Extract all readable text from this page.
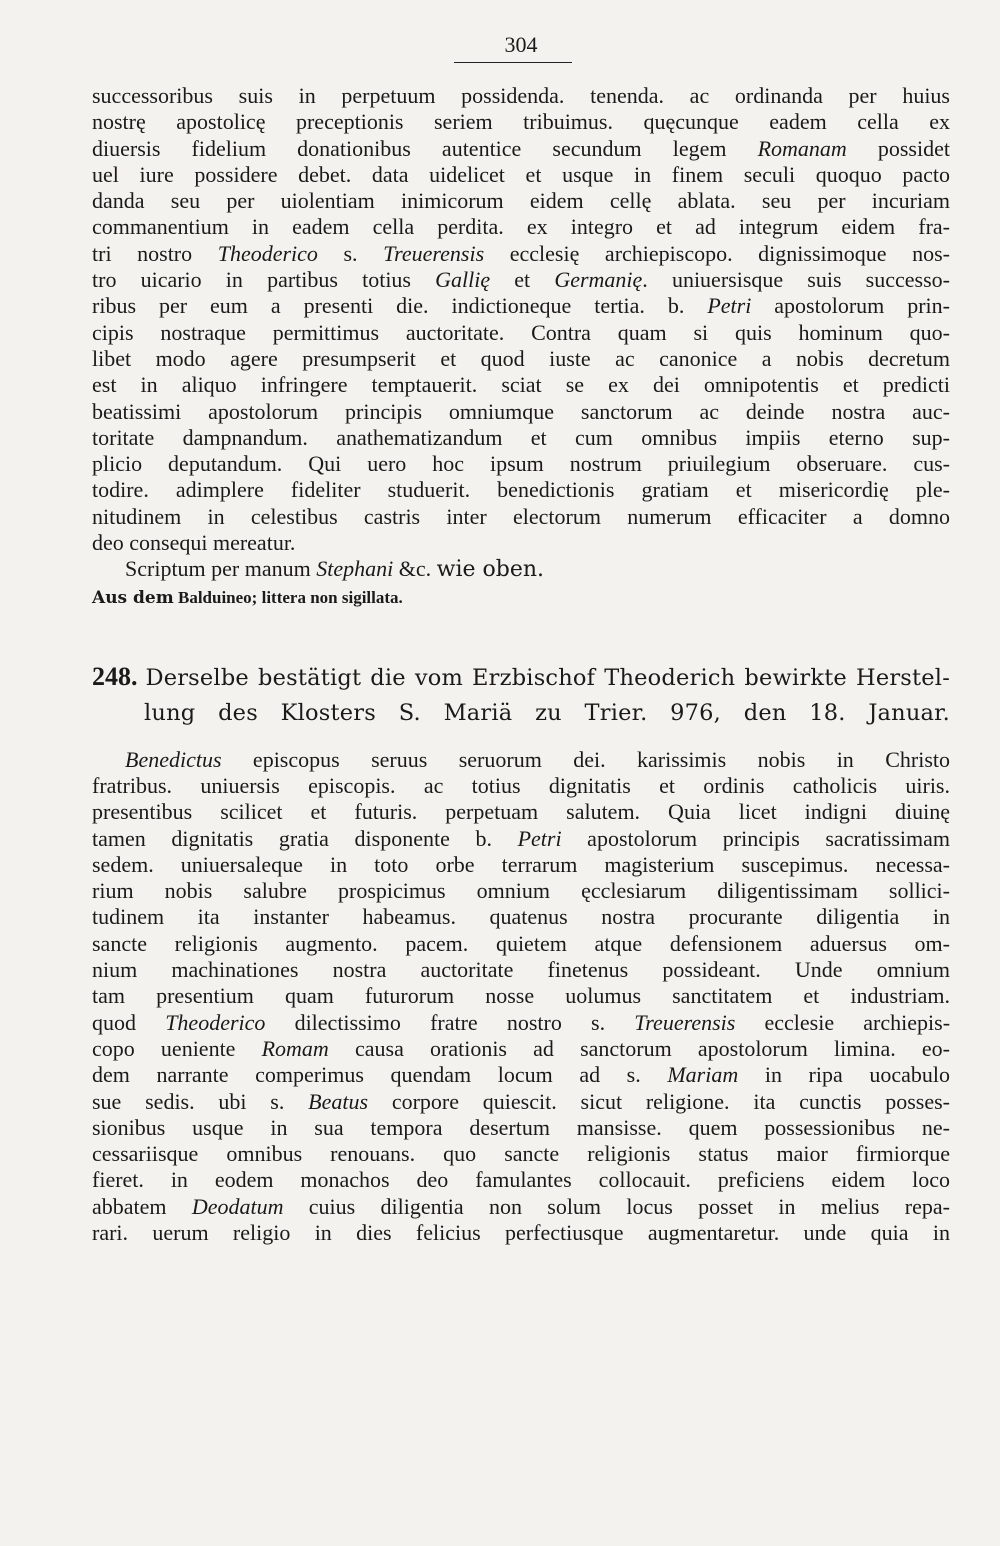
304
successoribus suis in perpetuum possidenda. tenenda. ac ordinanda per huius
nostrę apostolicę preceptionis seriem tribuimus. quęcunque eadem cella ex
diuersis fidelium donationibus autentice secundum legem Romanam possidet
uel iure possidere debet. data uidelicet et usque in finem seculi quoquo pacto
danda seu per uiolentiam inimicorum eidem cellę ablata. seu per incuriam
commanentium in eadem cella perdita. ex integro et ad integrum eidem fra-
tri nostro Theoderico s. Treuerensis ecclesię archiepiscopo. dignissimoque nos-
tro uicario in partibus totius Gallię et Germanię. uniuersisque suis successo-
ribus per eum a presenti die. indictioneque tertia. b. Petri apostolorum prin-
cipis nostraque permittimus auctoritate. Contra quam si quis hominum quo-
libet modo agere presumpserit et quod iuste ac canonice a nobis decretum
est in aliquo infringere temptauerit. sciat se ex dei omnipotentis et predicti
beatissimi apostolorum principis omniumque sanctorum ac deinde nostra auc-
toritate dampnandum. anathematizandum et cum omnibus impiis eterno sup-
plicio deputandum. Qui uero hoc ipsum nostrum priuilegium obseruare. cus-
todire. adimplere fideliter studuerit. benedictionis gratiam et misericordię ple-
nitudinem in celestibus castris inter electorum numerum efficaciter a domno
deo consequi mereatur.
Scriptum per manum Stephani &c. wie oben.
Aus dem Balduineo; littera non sigillata.
248. Derselbe bestätigt die vom Erzbischof Theoderich bewirkte Herstel-
lung des Klosters S. Mariä zu Trier. 976, den 18. Januar.
Benedictus episcopus seruus seruorum dei. karissimis nobis in Christo
fratribus. uniuersis episcopis. ac totius dignitatis et ordinis catholicis uiris.
presentibus scilicet et futuris. perpetuam salutem. Quia licet indigni diuinę
tamen dignitatis gratia disponente b. Petri apostolorum principis sacratissimam
sedem. uniuersaleque in toto orbe terrarum magisterium suscepimus. necessa-
rium nobis salubre prospicimus omnium ęcclesiarum diligentissimam sollici-
tudinem ita instanter habeamus. quatenus nostra procurante diligentia in
sancte religionis augmento. pacem. quietem atque defensionem aduersus om-
nium machinationes nostra auctoritate finetenus possideant. Unde omnium
tam presentium quam futurorum nosse uolumus sanctitatem et industriam.
quod Theoderico dilectissimo fratre nostro s. Treuerensis ecclesie archiepis-
copo ueniente Romam causa orationis ad sanctorum apostolorum limina. eo-
dem narrante comperimus quendam locum ad s. Mariam in ripa uocabulo
sue sedis. ubi s. Beatus corpore quiescit. sicut religione. ita cunctis posses-
sionibus usque in sua tempora desertum mansisse. quem possessionibus ne-
cessariisque omnibus renouans. quo sancte religionis status maior firmiorque
fieret. in eodem monachos deo famulantes collocauit. preficiens eidem loco
abbatem Deodatum cuius diligentia non solum locus posset in melius repa-
rari. uerum religio in dies felicius perfectiusque augmentaretur. unde quia in
